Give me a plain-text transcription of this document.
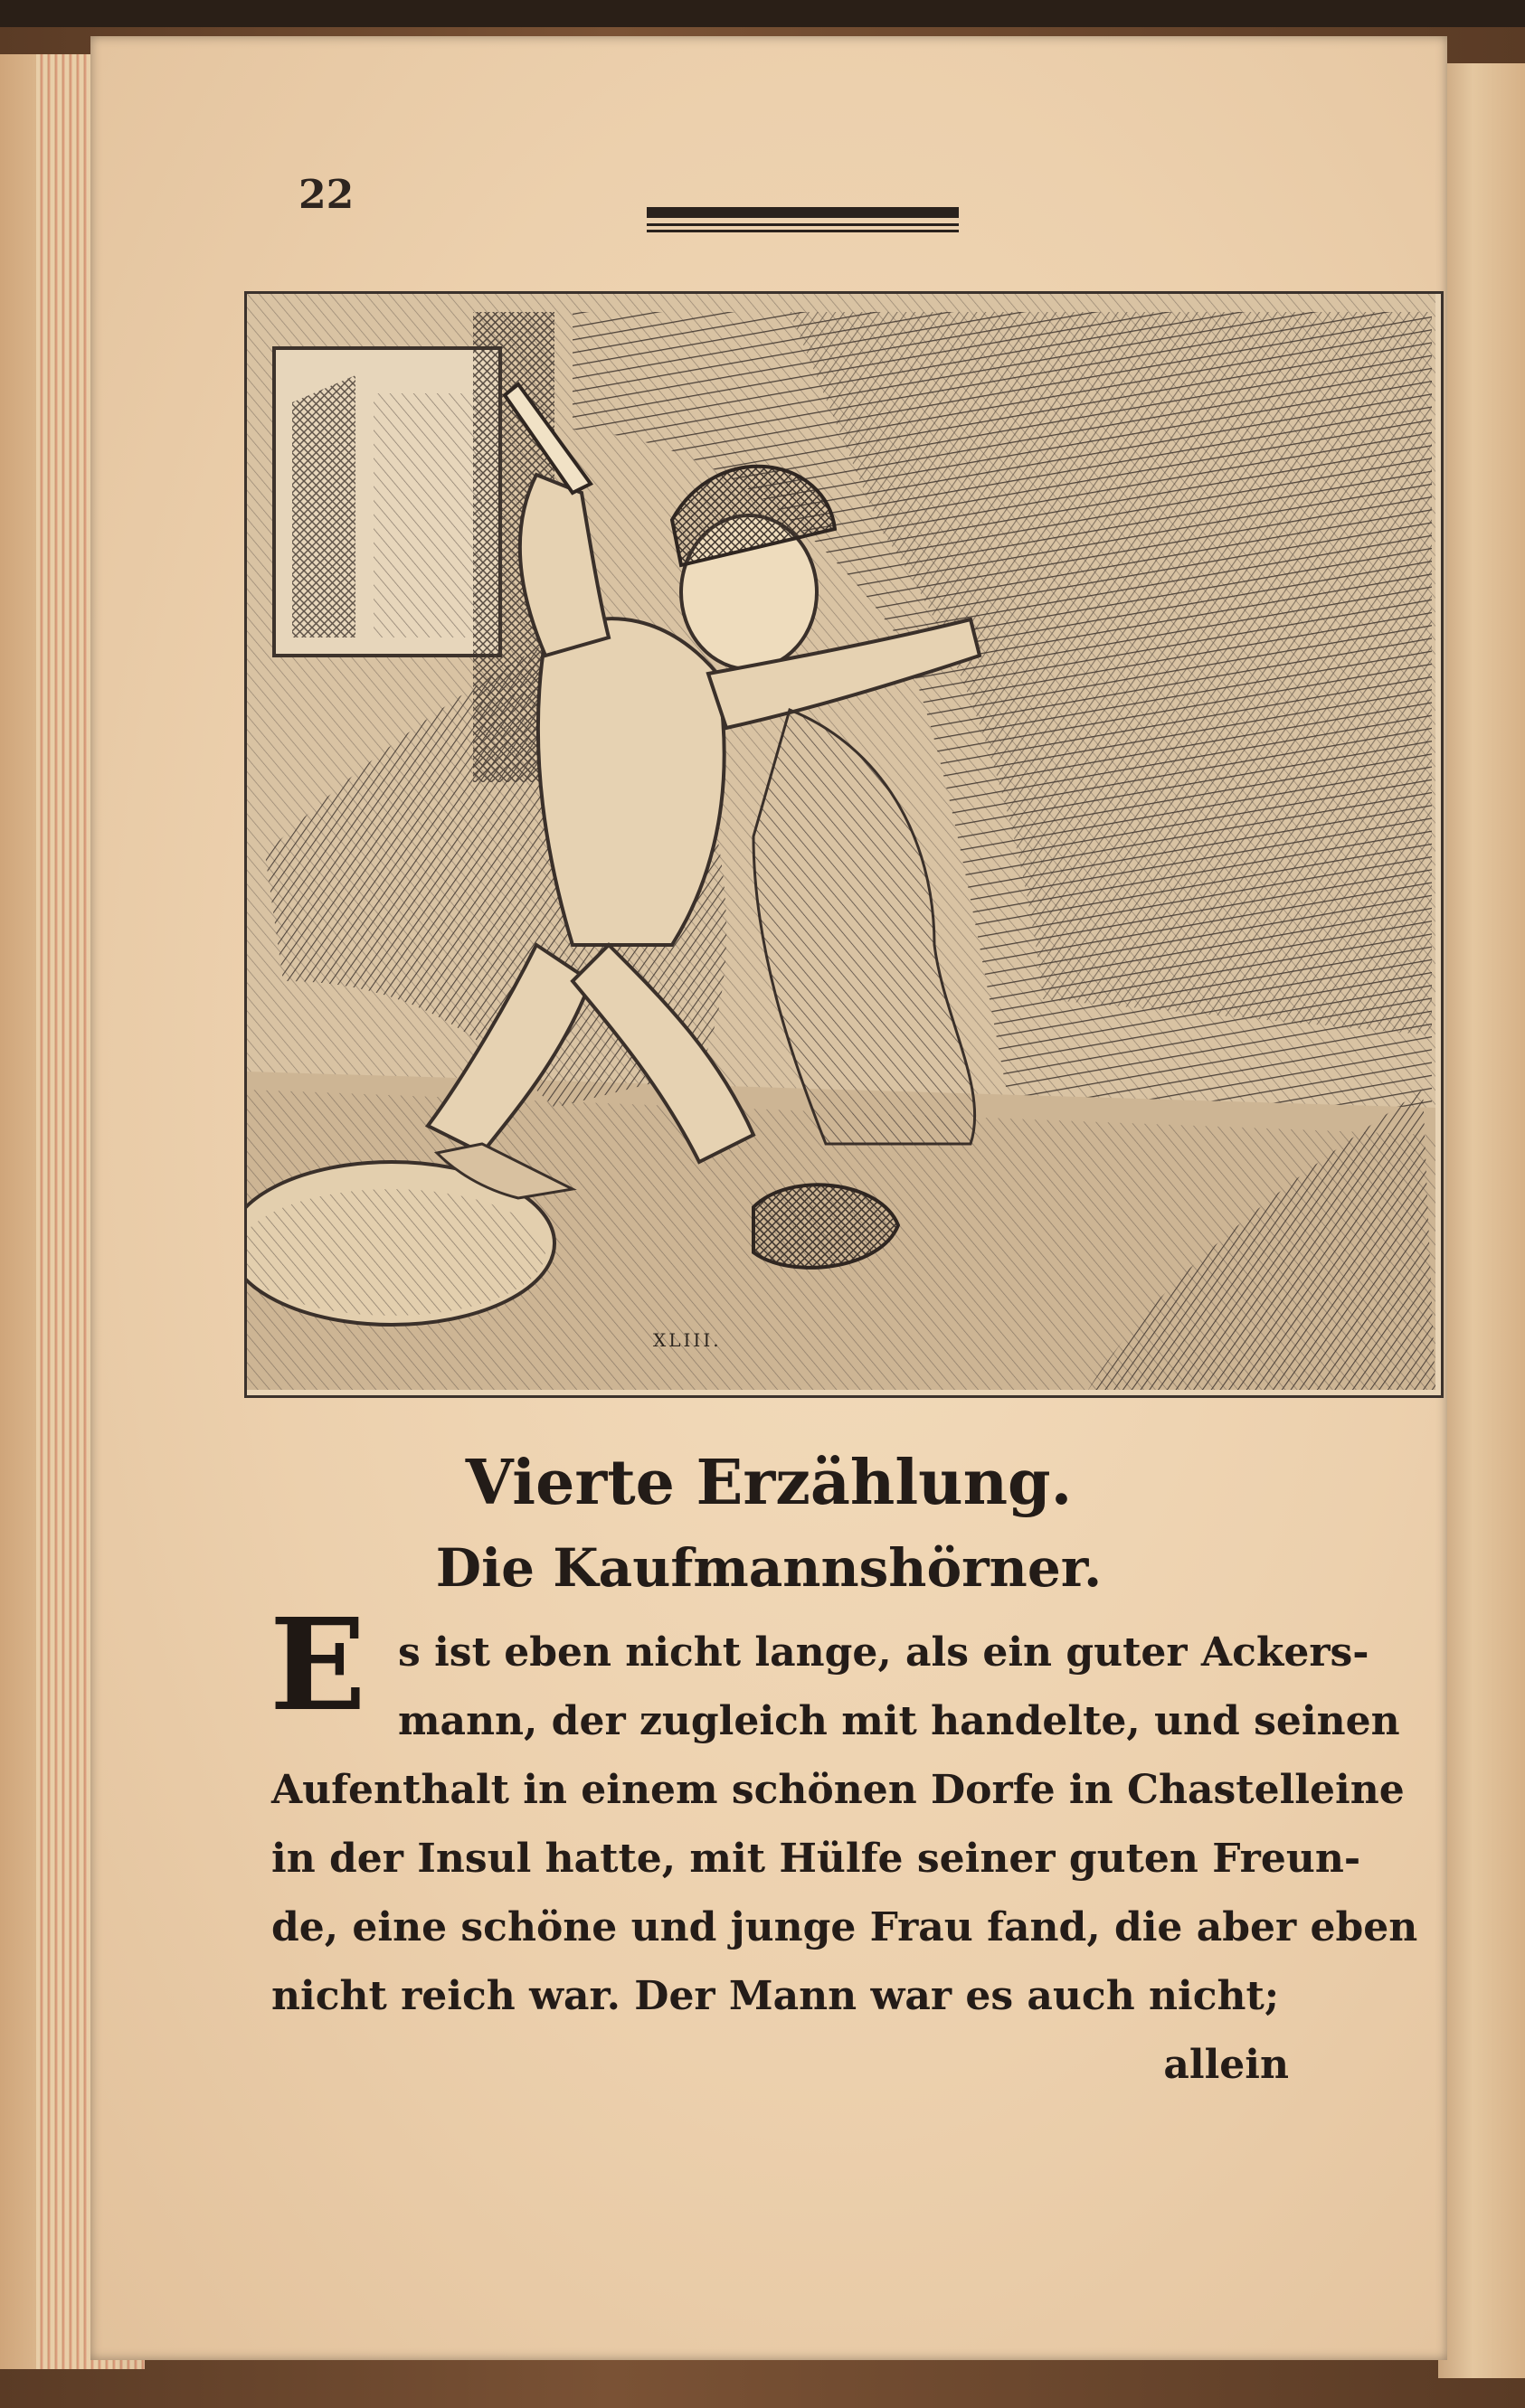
22
XLIII.
Vierte Erzählung.
Die Kaufmannshörner.
E s ist eben nicht lange, als ein guter Ackers-
mann, der zugleich mit handelte, und seinen
Aufenthalt in einem schönen Dorfe in Chastelleine
in der Insul hatte, mit Hülfe seiner guten Freun-
de, eine schöne und junge Frau fand, die aber eben
nicht reich war. Der Mann war es auch nicht;
allein
